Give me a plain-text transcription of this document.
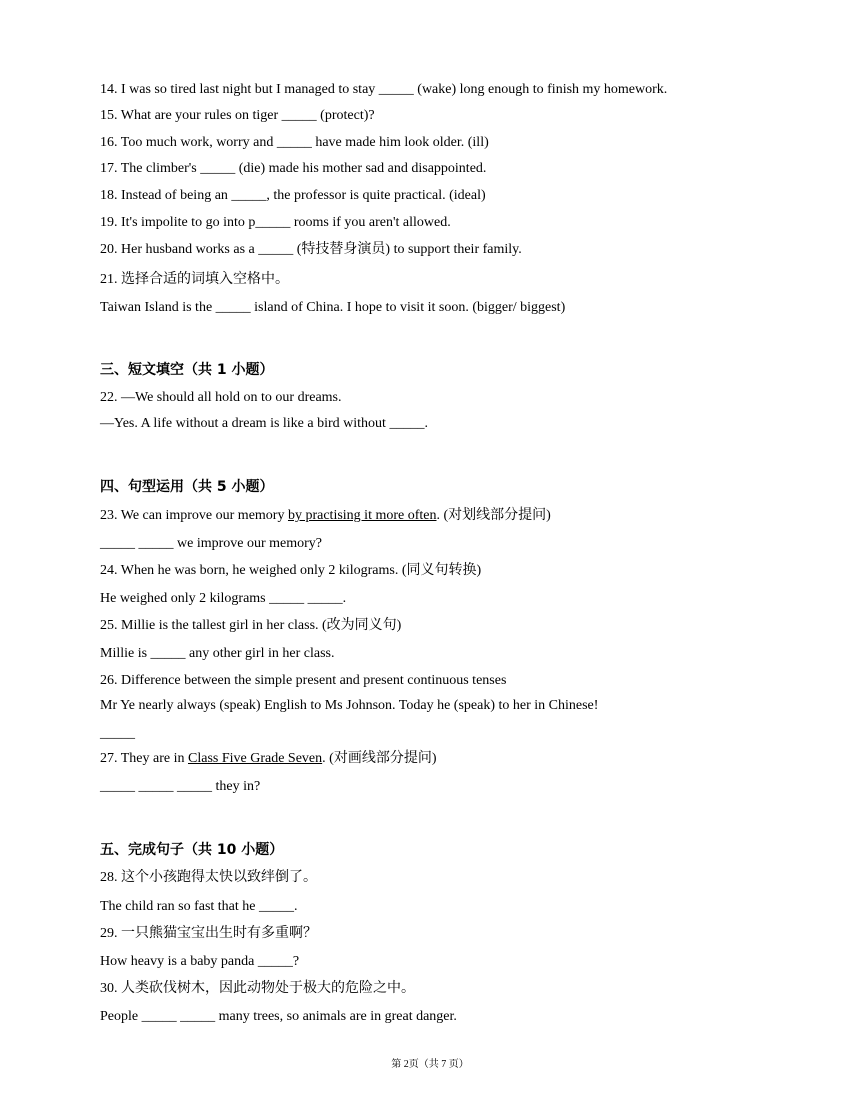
14. I was so tired last night but I managed to stay _____ (wake) long enough to finish my homework.
15. What are your rules on tiger _____ (protect)?
16. Too much work, worry and _____ have made him look older. (ill)
17. The climber's _____ (die) made his mother sad and disappointed.
18. Instead of being an _____, the professor is quite practical. (ideal)
19. It's impolite to go into p_____ rooms if you aren't allowed.
20. Her husband works as a _____ (特技替身演员) to support their family.
21. 选择合适的词填入空格中。
Taiwan Island is the _____ island of China. I hope to visit it soon. (bigger/ biggest)
三、短文填空（共 1 小题）
22. —We should all hold on to our dreams.
—Yes. A life without a dream is like a bird without _____.
四、句型运用（共 5 小题）
23. We can improve our memory by practising it more often. (对划线部分提问)
_____ _____ we improve our memory?
24. When he was born, he weighed only 2 kilograms. (同义句转换)
He weighed only 2 kilograms _____ _____.
25. Millie is the tallest girl in her class. (改为同义句)
Millie is _____ any other girl in her class.
26. Difference between the simple present and present continuous tenses
Mr Ye nearly always (speak) English to Ms Johnson. Today he (speak) to her in Chinese!
_____
27. They are in Class Five Grade Seven. (对画线部分提问)
_____ _____ _____ they in?
五、完成句子（共 10 小题）
28. 这个小孩跑得太快以致绊倒了。
The child ran so fast that he _____.
29. 一只熊猫宝宝出生时有多重啊？
How heavy is a baby panda _____?
30. 人类砍伐树木，因此动物处于极大的危险之中。
People _____ _____ many trees, so animals are in great danger.
第 2页（共 7 页）
